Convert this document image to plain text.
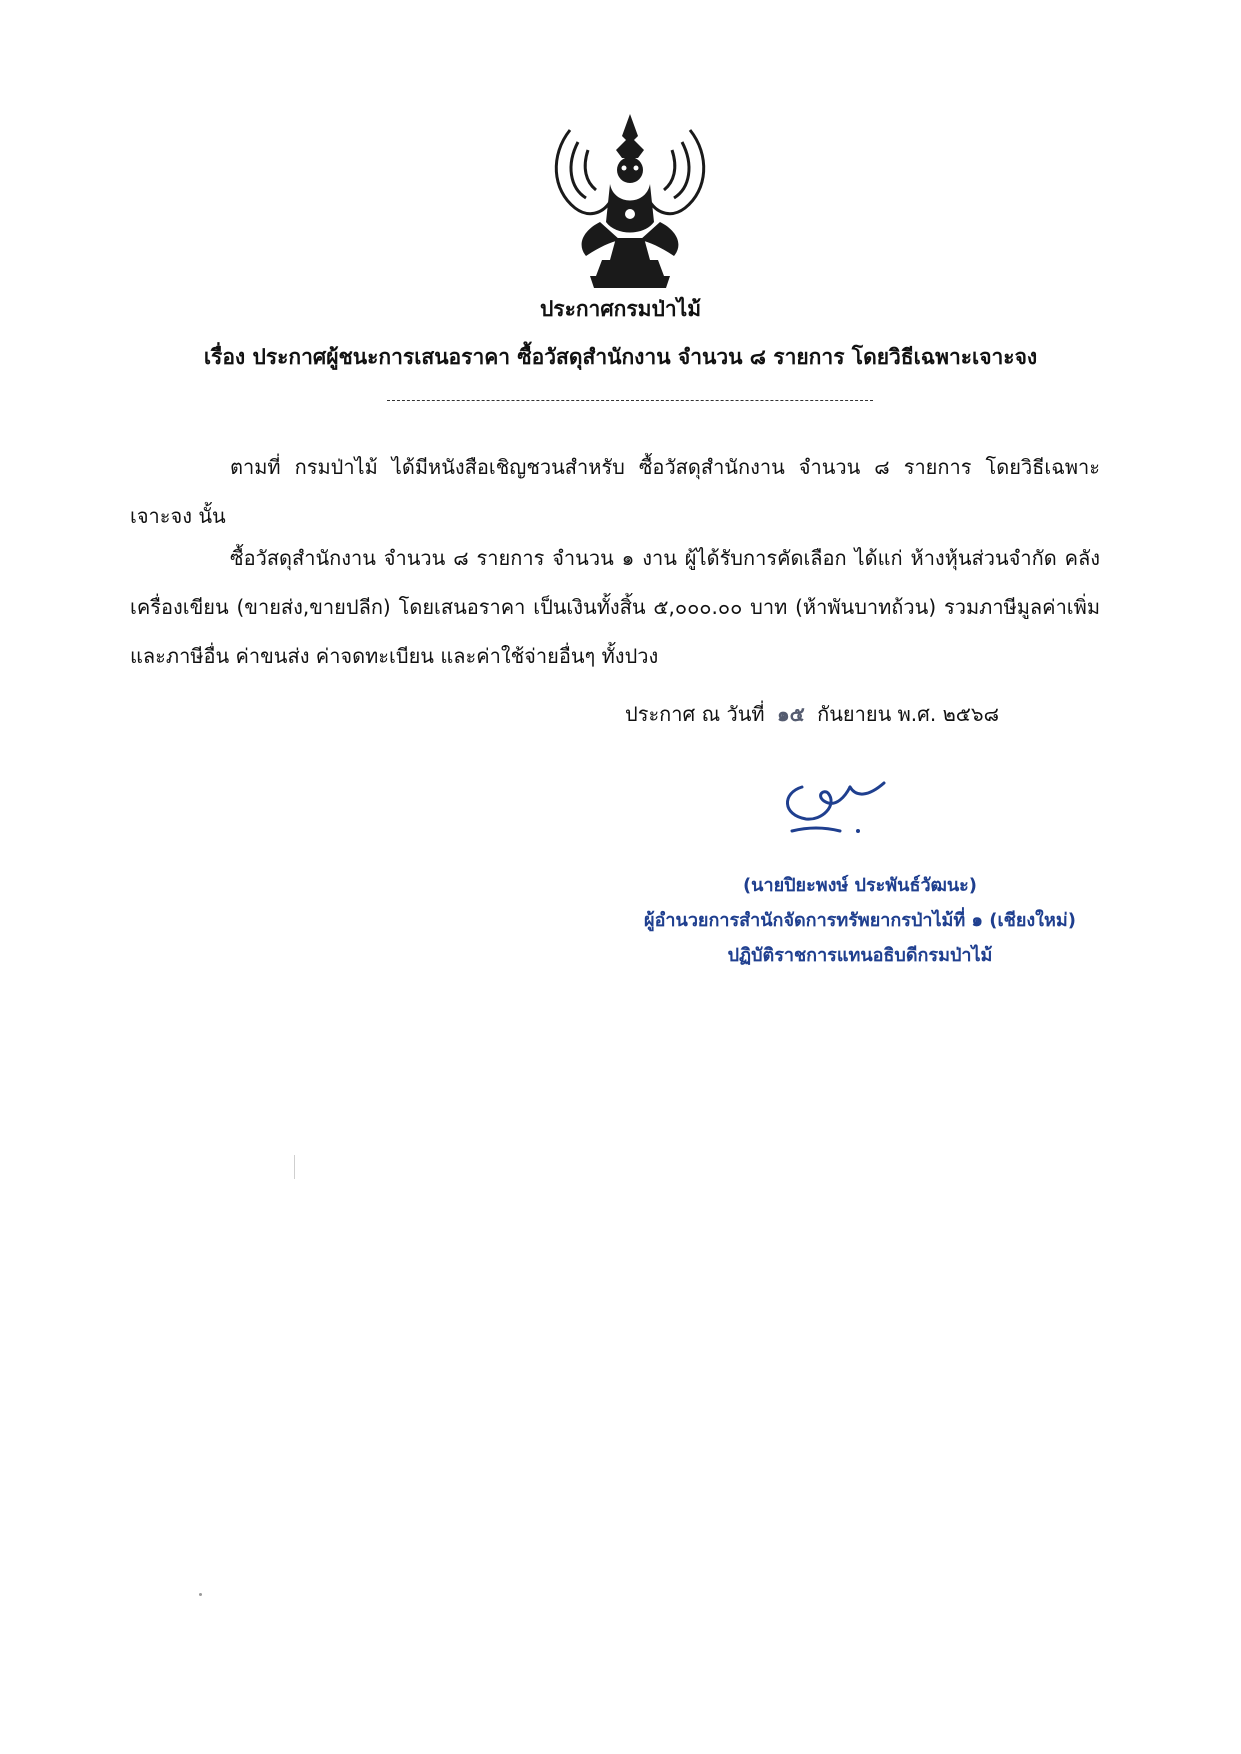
ประกาศกรมป่าไม้
เรื่อง ประกาศผู้ชนะการเสนอราคา ซื้อวัสดุสำนักงาน จำนวน ๘ รายการ โดยวิธีเฉพาะเจาะจง

ตามที่ กรมป่าไม้ ได้มีหนังสือเชิญชวนสำหรับ ซื้อวัสดุสำนักงาน จำนวน ๘ รายการ โดยวิธีเฉพาะเจาะจง นั้น

ซื้อวัสดุสำนักงาน จำนวน ๘ รายการ จำนวน ๑ งาน ผู้ได้รับการคัดเลือก ได้แก่ ห้างหุ้นส่วนจำกัด คลังเครื่องเขียน (ขายส่ง,ขายปลีก) โดยเสนอราคา เป็นเงินทั้งสิ้น ๕,๐๐๐.๐๐ บาท (ห้าพันบาทถ้วน) รวมภาษีมูลค่าเพิ่มและภาษีอื่น ค่าขนส่ง ค่าจดทะเบียน และค่าใช้จ่ายอื่นๆ ทั้งปวง

ประกาศ ณ วันที่ ๑๕ กันยายน พ.ศ. ๒๕๖๘
(นายปิยะพงษ์ ประพันธ์วัฒนะ)
ผู้อำนวยการสำนักจัดการทรัพยากรป่าไม้ที่ ๑ (เชียงใหม่)
ปฏิบัติราชการแทนอธิบดีกรมป่าไม้
